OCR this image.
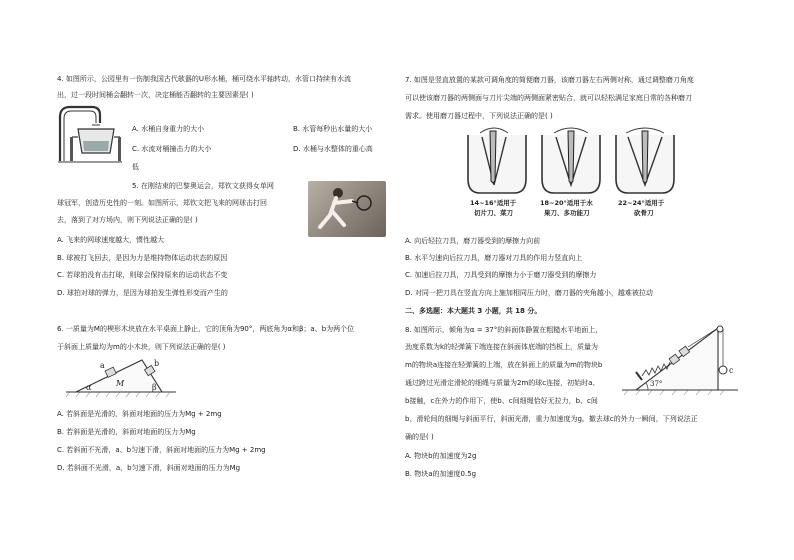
4. 如图所示，公园里有一伤制我国古代欹器的U形水桶，桶可绕水平轴转动，水管口持续有水流
出，过一段时间桶会翻转一次，决定桶能否翻转的主要因素是( )
A. 水桶自身重力的大小	B. 水管每秒出水量的大小
C. 水流对桶撞击力的大小	D. 水桶与水整体的重心高
低
5. 在刚结束的巴黎奥运会，郑钦文获得女单网
球冠军，创造历史性的一刻。如图所示，郑钦文把飞来的网球击打回
去，落到了对方场内，则下列说法正确的是( )
A. 飞来的网球速度越大，惯性越大
B. 球被打飞回去，是因为力是维持物体运动状态的原因
C. 若球拍没有击打球，则球会保持原来的运动状态不变
D. 球拍对球的弹力，是因为球拍发生弹性形变而产生的
6. 一质量为M的楔形木块放在水平桌面上静止，它的顶角为90°，两底角为α和β；a、b为两个位
于斜面上质量均为m的小木块，则下列说法正确的是( )
a	b
M
α	β
A. 若斜面是光滑的，斜面对地面的压力为Mg + 2mg
B. 若斜面是光滑的，斜面对地面的压力为Mg
C. 若斜面不光滑，a、b匀速下滑，斜面对地面的压力为Mg + 2mg
D. 若斜面不光滑，a、b匀速下滑，斜面对地面的压力为Mg
7. 如图是竖直放置的某款可调角度的简便磨刀器，该磨刀器左右两侧对称，通过调整磨刀角度
可以使该磨刀器的两侧面与刀片尖端的两侧面紧密贴合，就可以轻松满足家庭日常的各种磨刀
需求。使用磨刀器过程中，下列说法正确的是( )
14~16°适用于
切片刀、菜刀
18~20°适用于水
果刀、多功能刀
22~24°适用于
砍骨刀
A. 向后轻拉刀具，磨刀器受到的摩擦力向前
B. 水平匀速向后拉刀具，磨刀器对刀具的作用力竖直向上
C. 加速后拉刀具，刀具受到的摩擦力小于磨刀器受到的摩擦力
D. 对同一把刀具在竖直方向上施加相同压力时，磨刀器的夹角越小，越难被拉动
二、多选题：本大题共 3 小题，共 18 分。
8. 如图所示，倾角为α = 37°的斜面体静置在粗糙水平地面上，
劲度系数为k的轻弹簧下端连接在斜面体底端的挡板上，质量为
m的物块a连接在轻弹簧的上端，放在斜面上的质量为m的物块b
通过跨过光滑定滑轮的细绳与质量为2m的球c连接，初始时a、
b接触，c在外力的作用下，使b、c间细绳恰好无拉力，b、c间
b、滑轮间的细绳与斜面平行，斜面光滑，重力加速度为g。撤去球c的外力一瞬间，下列说法正
确的是( )
37°
c
A. 物块b的加速度为2g
B. 物块a的加速度0.5g
